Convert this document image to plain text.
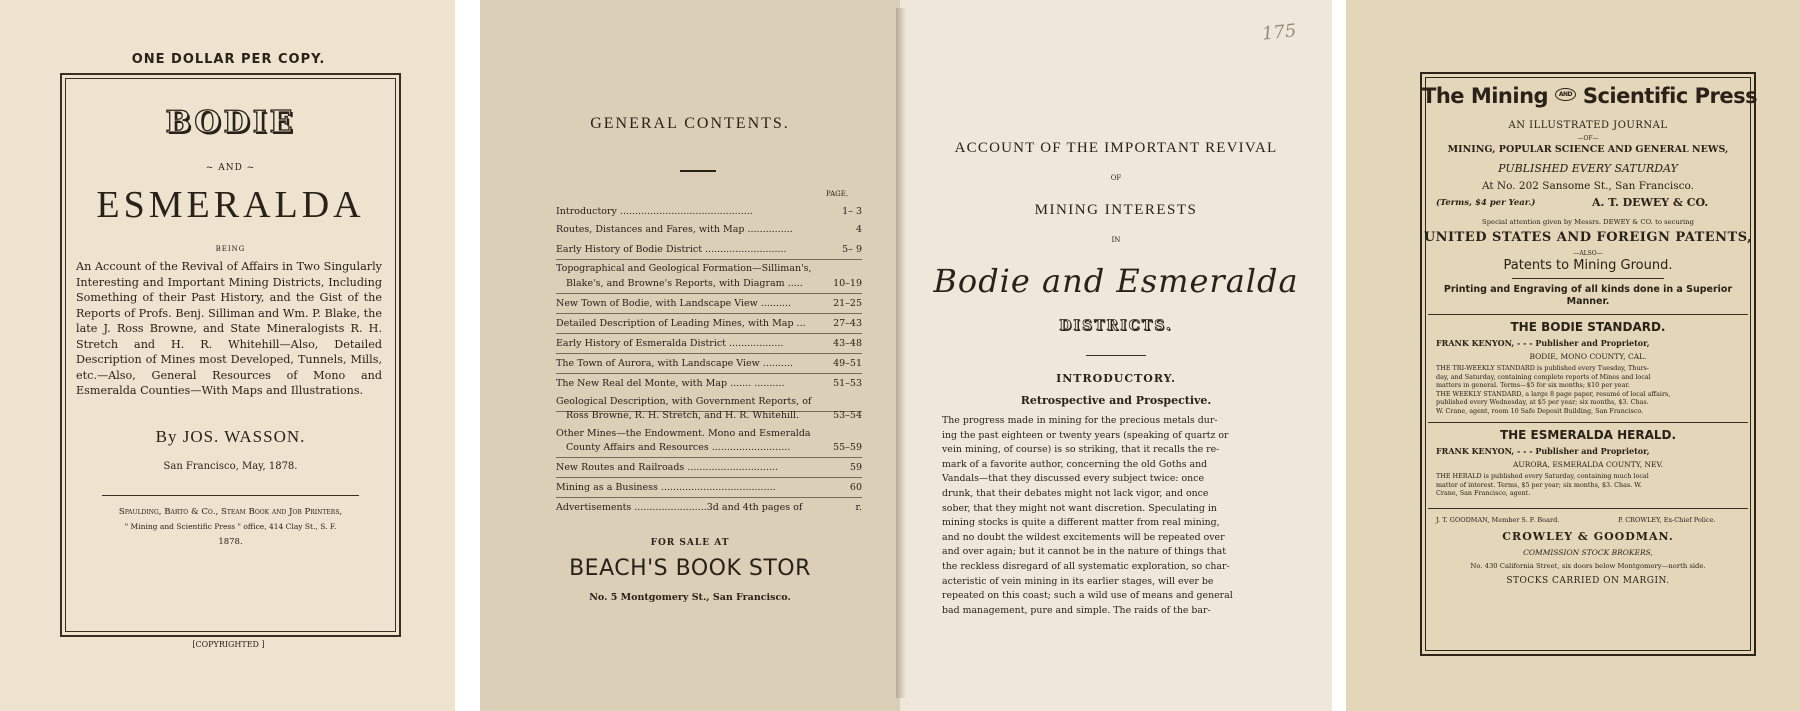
ONE DOLLAR PER COPY.
BODIE
~ AND ~
ESMERALDA
BEING
An Account of the Revival of Affairs in Two Singularly Interesting and Important Mining Districts, Including Something of their Past History, and the Gist of the Reports of Profs. Benj. Silliman and Wm. P. Blake, the late J. Ross Browne, and State Mineralogists R. H. Stretch and H. R. Whitehill—Also, Detailed Description of Mines most Developed, Tunnels, Mills, etc.—Also, General Resources of Mono and Esmeralda Counties—With Maps and Illustrations.
By JOS. WASSON.
San Francisco, May, 1878.
Spaulding, Barto & Co., Steam Book and Job Printers,
" Mining and Scientific Press " office, 414 Clay St., S. F.
1878.
[COPYRIGHTED ]
GENERAL CONTENTS.
PAGE.
Introductory ............................................	1– 3
Routes, Distances and Fares, with Map ...............	4
Early History of Bodie District ...........................	5– 9
Topographical and Geological Formation—Silliman's,
Blake's, and Browne's Reports, with Diagram .....	10–19
New Town of Bodie, with Landscape View ..........	21–25
Detailed Description of Leading Mines, with Map ...	27–43
Early History of Esmeralda District ..................	43–48
The Town of Aurora, with Landscape View ..........	49–51
The New Real del Monte, with Map ....... ..........	51–53
Geological Description, with Government Reports, of
Ross Browne, R. H. Stretch, and H. R. Whitehill.	53–54
Other Mines—the Endowment. Mono and Esmeralda
County Affairs and Resources ..........................	55–59
New Routes and Railroads ..............................	59
Mining as a Business ......................................	60
Advertisements ........................3d and 4th pages of	r.
FOR SALE AT
BEACH'S BOOK STOR
No. 5 Montgomery St., San Francisco.
175
ACCOUNT OF THE IMPORTANT REVIVAL
OF
MINING INTERESTS
IN
Bodie and Esmeralda
DISTRICTS.
INTRODUCTORY.
Retrospective and Prospective.
The progress made in mining for the precious metals dur-
ing the past eighteen or twenty years (speaking of quartz or
vein mining, of course) is so striking, that it recalls the re-
mark of a favorite author, concerning the old Goths and
Vandals—that they discussed every subject twice: once
drunk, that their debates might not lack vigor, and once
sober, that they might not want discretion. Speculating in
mining stocks is quite a different matter from real mining,
and no doubt the wildest excitements will be repeated over
and over again; but it cannot be in the nature of things that
the reckless disregard of all systematic exploration, so char-
acteristic of vein mining in its earlier stages, will ever be
repeated on this coast; such a wild use of means and general
bad management, pure and simple. The raids of the bar-
The Mining AND Scientific Press
AN ILLUSTRATED JOURNAL
—OF—
MINING, POPULAR SCIENCE AND GENERAL NEWS,
PUBLISHED EVERY SATURDAY
At No. 202 Sansome St., San Francisco.
(Terms, $4 per Year.)	A. T. DEWEY & CO.
Special attention given by Messrs. DEWEY & CO. to securing
UNITED STATES AND FOREIGN PATENTS,
—ALSO—
Patents to Mining Ground.
Printing and Engraving of all kinds done in a Superior Manner.
THE BODIE STANDARD.
FRANK KENYON, - - - Publisher and Proprietor,
BODIE, MONO COUNTY, CAL.
THE TRI-WEEKLY STANDARD is published every Tuesday, Thurs-
day, and Saturday, containing complete reports of Mines and local
matters in general. Terms—$5 for six months; $10 per year.
THE WEEKLY STANDARD, a large 8 page paper, resumé of local affairs,
published every Wednesday, at $5 per year; six months, $3. Chas.
W. Crane, agent, room 10 Safe Deposit Building, San Francisco.
THE ESMERALDA HERALD.
FRANK KENYON, - - - Publisher and Proprietor,
AURORA, ESMERALDA COUNTY, NEV.
THE HERALD is published every Saturday, containing much local
matter of interest. Terms, $5 per year; six months, $3. Chas. W.
Crane, San Francisco, agent.
J. T. GOODMAN, Member S. F. Board.	P. CROWLEY, Ex-Chief Police.
CROWLEY & GOODMAN.
COMMISSION STOCK BROKERS,
No. 430 California Street, six doors below Montgomery—north side.
STOCKS CARRIED ON MARGIN.
